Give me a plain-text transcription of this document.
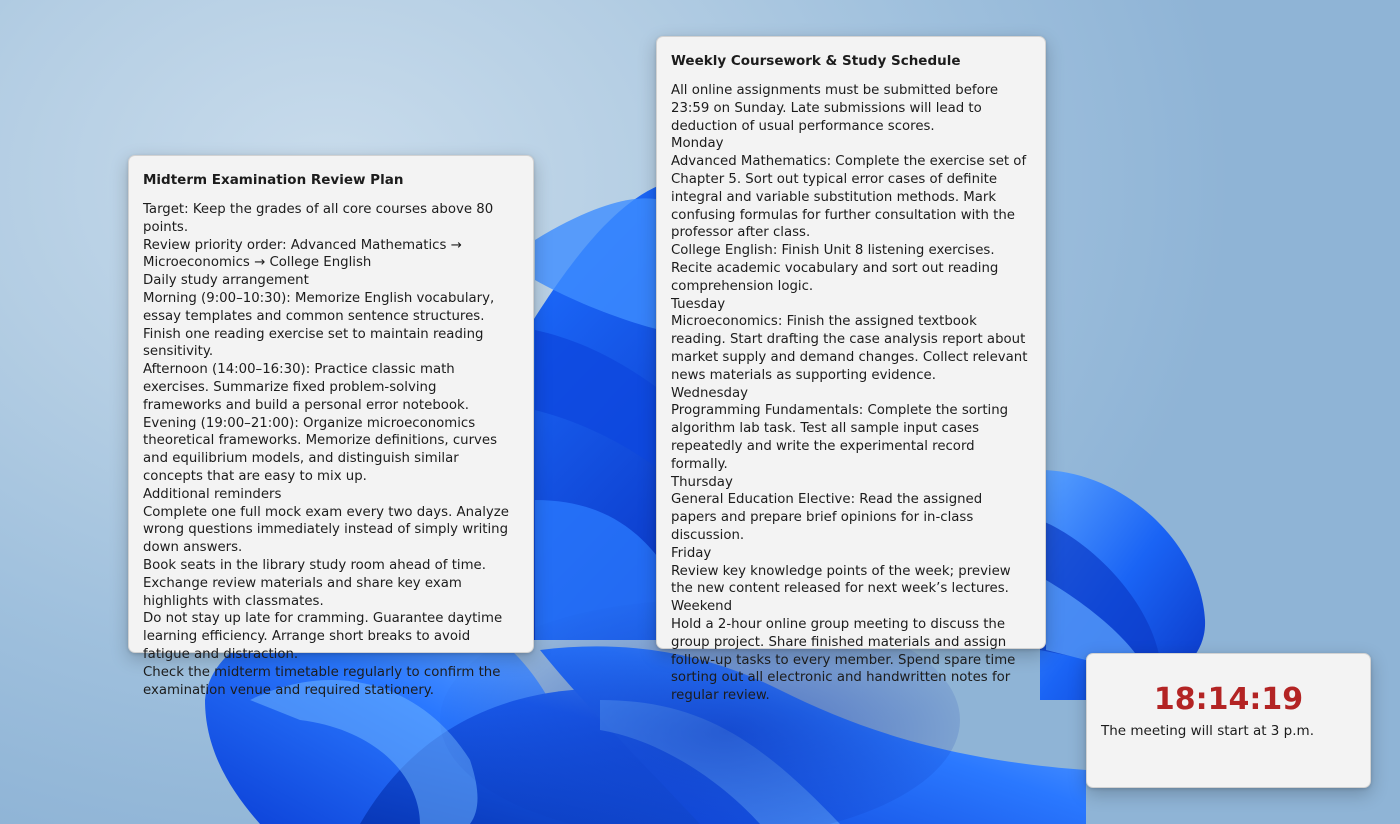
Midterm Examination Review Plan
Target: Keep the grades of all core courses above 80 points.
Review priority order: Advanced Mathematics → Microeconomics → College English
Daily study arrangement
Morning (9:00–10:30): Memorize English vocabulary, essay templates and common sentence structures. Finish one reading exercise set to maintain reading sensitivity.
Afternoon (14:00–16:30): Practice classic math exercises. Summarize fixed problem-solving frameworks and build a personal error notebook.
Evening (19:00–21:00): Organize microeconomics theoretical frameworks. Memorize definitions, curves and equilibrium models, and distinguish similar concepts that are easy to mix up.
Additional reminders
Complete one full mock exam every two days. Analyze wrong questions immediately instead of simply writing down answers.
Book seats in the library study room ahead of time. Exchange review materials and share key exam highlights with classmates.
Do not stay up late for cramming. Guarantee daytime learning efficiency. Arrange short breaks to avoid fatigue and distraction.
Check the midterm timetable regularly to confirm the examination venue and required stationery.
Weekly Coursework & Study Schedule
All online assignments must be submitted before 23:59 on Sunday. Late submissions will lead to deduction of usual performance scores.
Monday
Advanced Mathematics: Complete the exercise set of Chapter 5. Sort out typical error cases of definite integral and variable substitution methods. Mark confusing formulas for further consultation with the professor after class.
College English: Finish Unit 8 listening exercises. Recite academic vocabulary and sort out reading comprehension logic.
Tuesday
Microeconomics: Finish the assigned textbook reading. Start drafting the case analysis report about market supply and demand changes. Collect relevant news materials as supporting evidence.
Wednesday
Programming Fundamentals: Complete the sorting algorithm lab task. Test all sample input cases repeatedly and write the experimental record formally.
Thursday
General Education Elective: Read the assigned papers and prepare brief opinions for in-class discussion.
Friday
Review key knowledge points of the week; preview the new content released for next week’s lectures.
Weekend
Hold a 2-hour online group meeting to discuss the group project. Share finished materials and assign follow-up tasks to every member. Spend spare time sorting out all electronic and handwritten notes for regular review.	18:14:19
The meeting will start at 3 p.m.
